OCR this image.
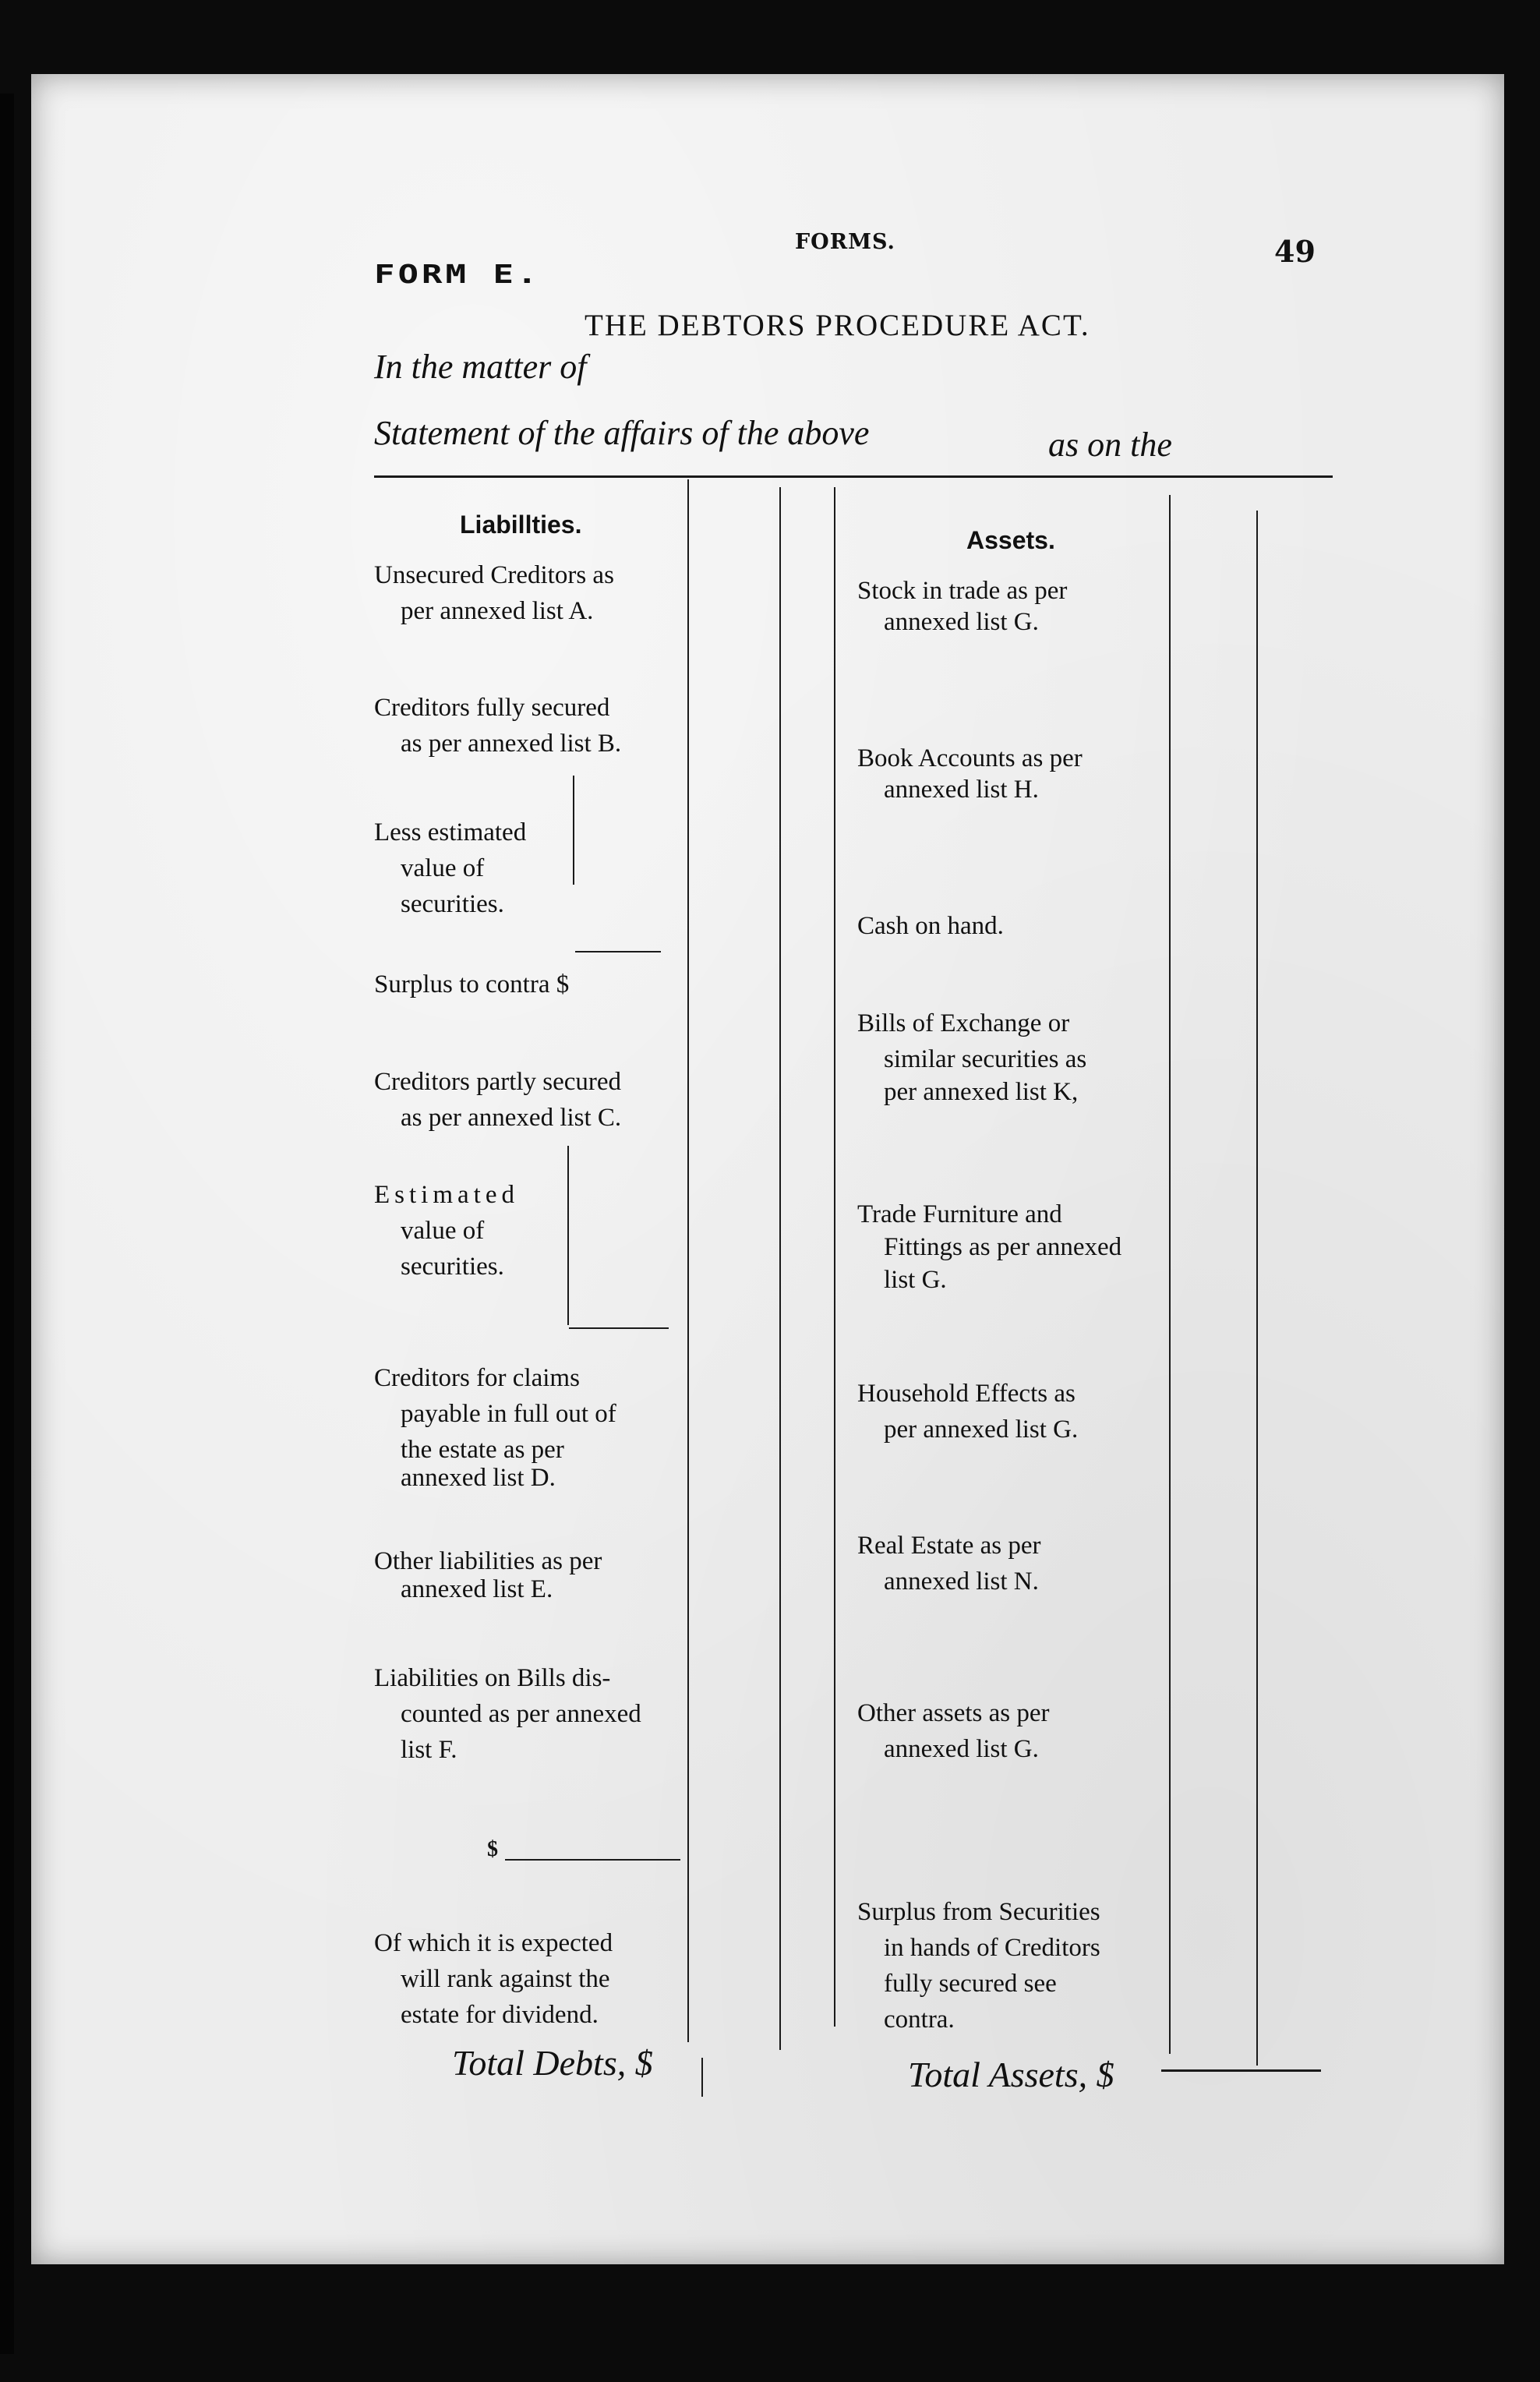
FORMS.	49
FORM E.
THE DEBTORS PROCEDURE ACT.
In the matter of
Statement of the affairs of the above	as on the
Liabillties.
Unsecured Creditors as
per annexed list A.
Creditors fully secured
as per annexed list B.
Less estimated
value of
securities.
Surplus to contra $
Creditors partly secured
as per annexed list C.
Estimated
value of
securities.
Creditors for claims
payable in full out of
the estate as per
annexed list D.
Other liabilities as per
annexed list E.
Liabilities on Bills dis-
counted as per annexed
list F.
$
Of which it is expected
will rank against the
estate for dividend.
Total Debts, $
Assets.
Stock in trade as per
annexed list G.
Book Accounts as per
annexed list H.
Cash on hand.
Bills of Exchange or
similar securities as
per annexed list K,
Trade Furniture and
Fittings as per annexed
list G.
Household Effects as
per annexed list G.
Real Estate as per
annexed list N.
Other assets as per
annexed list G.
Surplus from Securities
in hands of Creditors
fully secured see
contra.
Total Assets, $
